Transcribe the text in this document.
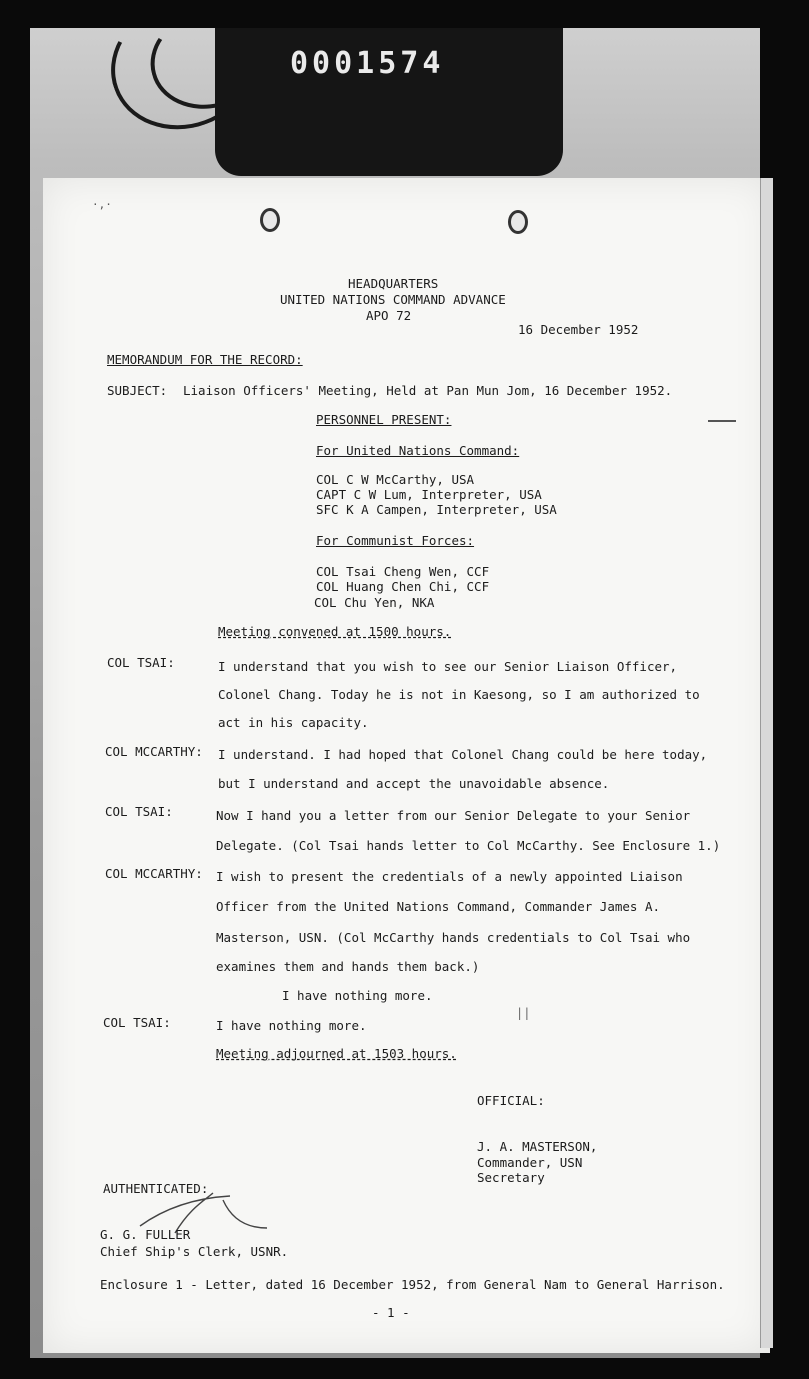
0001574
·,·
HEADQUARTERS
UNITED NATIONS COMMAND ADVANCE
APO 72
16 December 1952
MEMORANDUM FOR THE RECORD:
SUBJECT: Liaison Officers' Meeting, Held at Pan Mun Jom, 16 December 1952.
PERSONNEL PRESENT:
For United Nations Command:
COL C W McCarthy, USA
CAPT C W Lum, Interpreter, USA
SFC K A Campen, Interpreter, USA
For Communist Forces:
COL Tsai Cheng Wen, CCF
COL Huang Chen Chi, CCF
COL Chu Yen, NKA
Meeting convened at 1500 hours.
COL TSAI:	I understand that you wish to see our Senior Liaison Officer,
Colonel Chang. Today he is not in Kaesong, so I am authorized to
act in his capacity.
COL MCCARTHY: I understand. I had hoped that Colonel Chang could be here today,
but I understand and accept the unavoidable absence.
COL TSAI:	Now I hand you a letter from our Senior Delegate to your Senior
Delegate. (Col Tsai hands letter to Col McCarthy. See Enclosure 1.)
COL MCCARTHY: I wish to present the credentials of a newly appointed Liaison
Officer from the United Nations Command, Commander James A.
Masterson, USN. (Col McCarthy hands credentials to Col Tsai who
examines them and hands them back.)
I have nothing more.
||
COL TSAI:	I have nothing more.
Meeting adjourned at 1503 hours.
OFFICIAL:
J. A. MASTERSON,
Commander, USN
Secretary
AUTHENTICATED:
G. G. FULLER
Chief Ship's Clerk, USNR.
Enclosure 1 - Letter, dated 16 December 1952, from General Nam to General Harrison.
- 1 -
